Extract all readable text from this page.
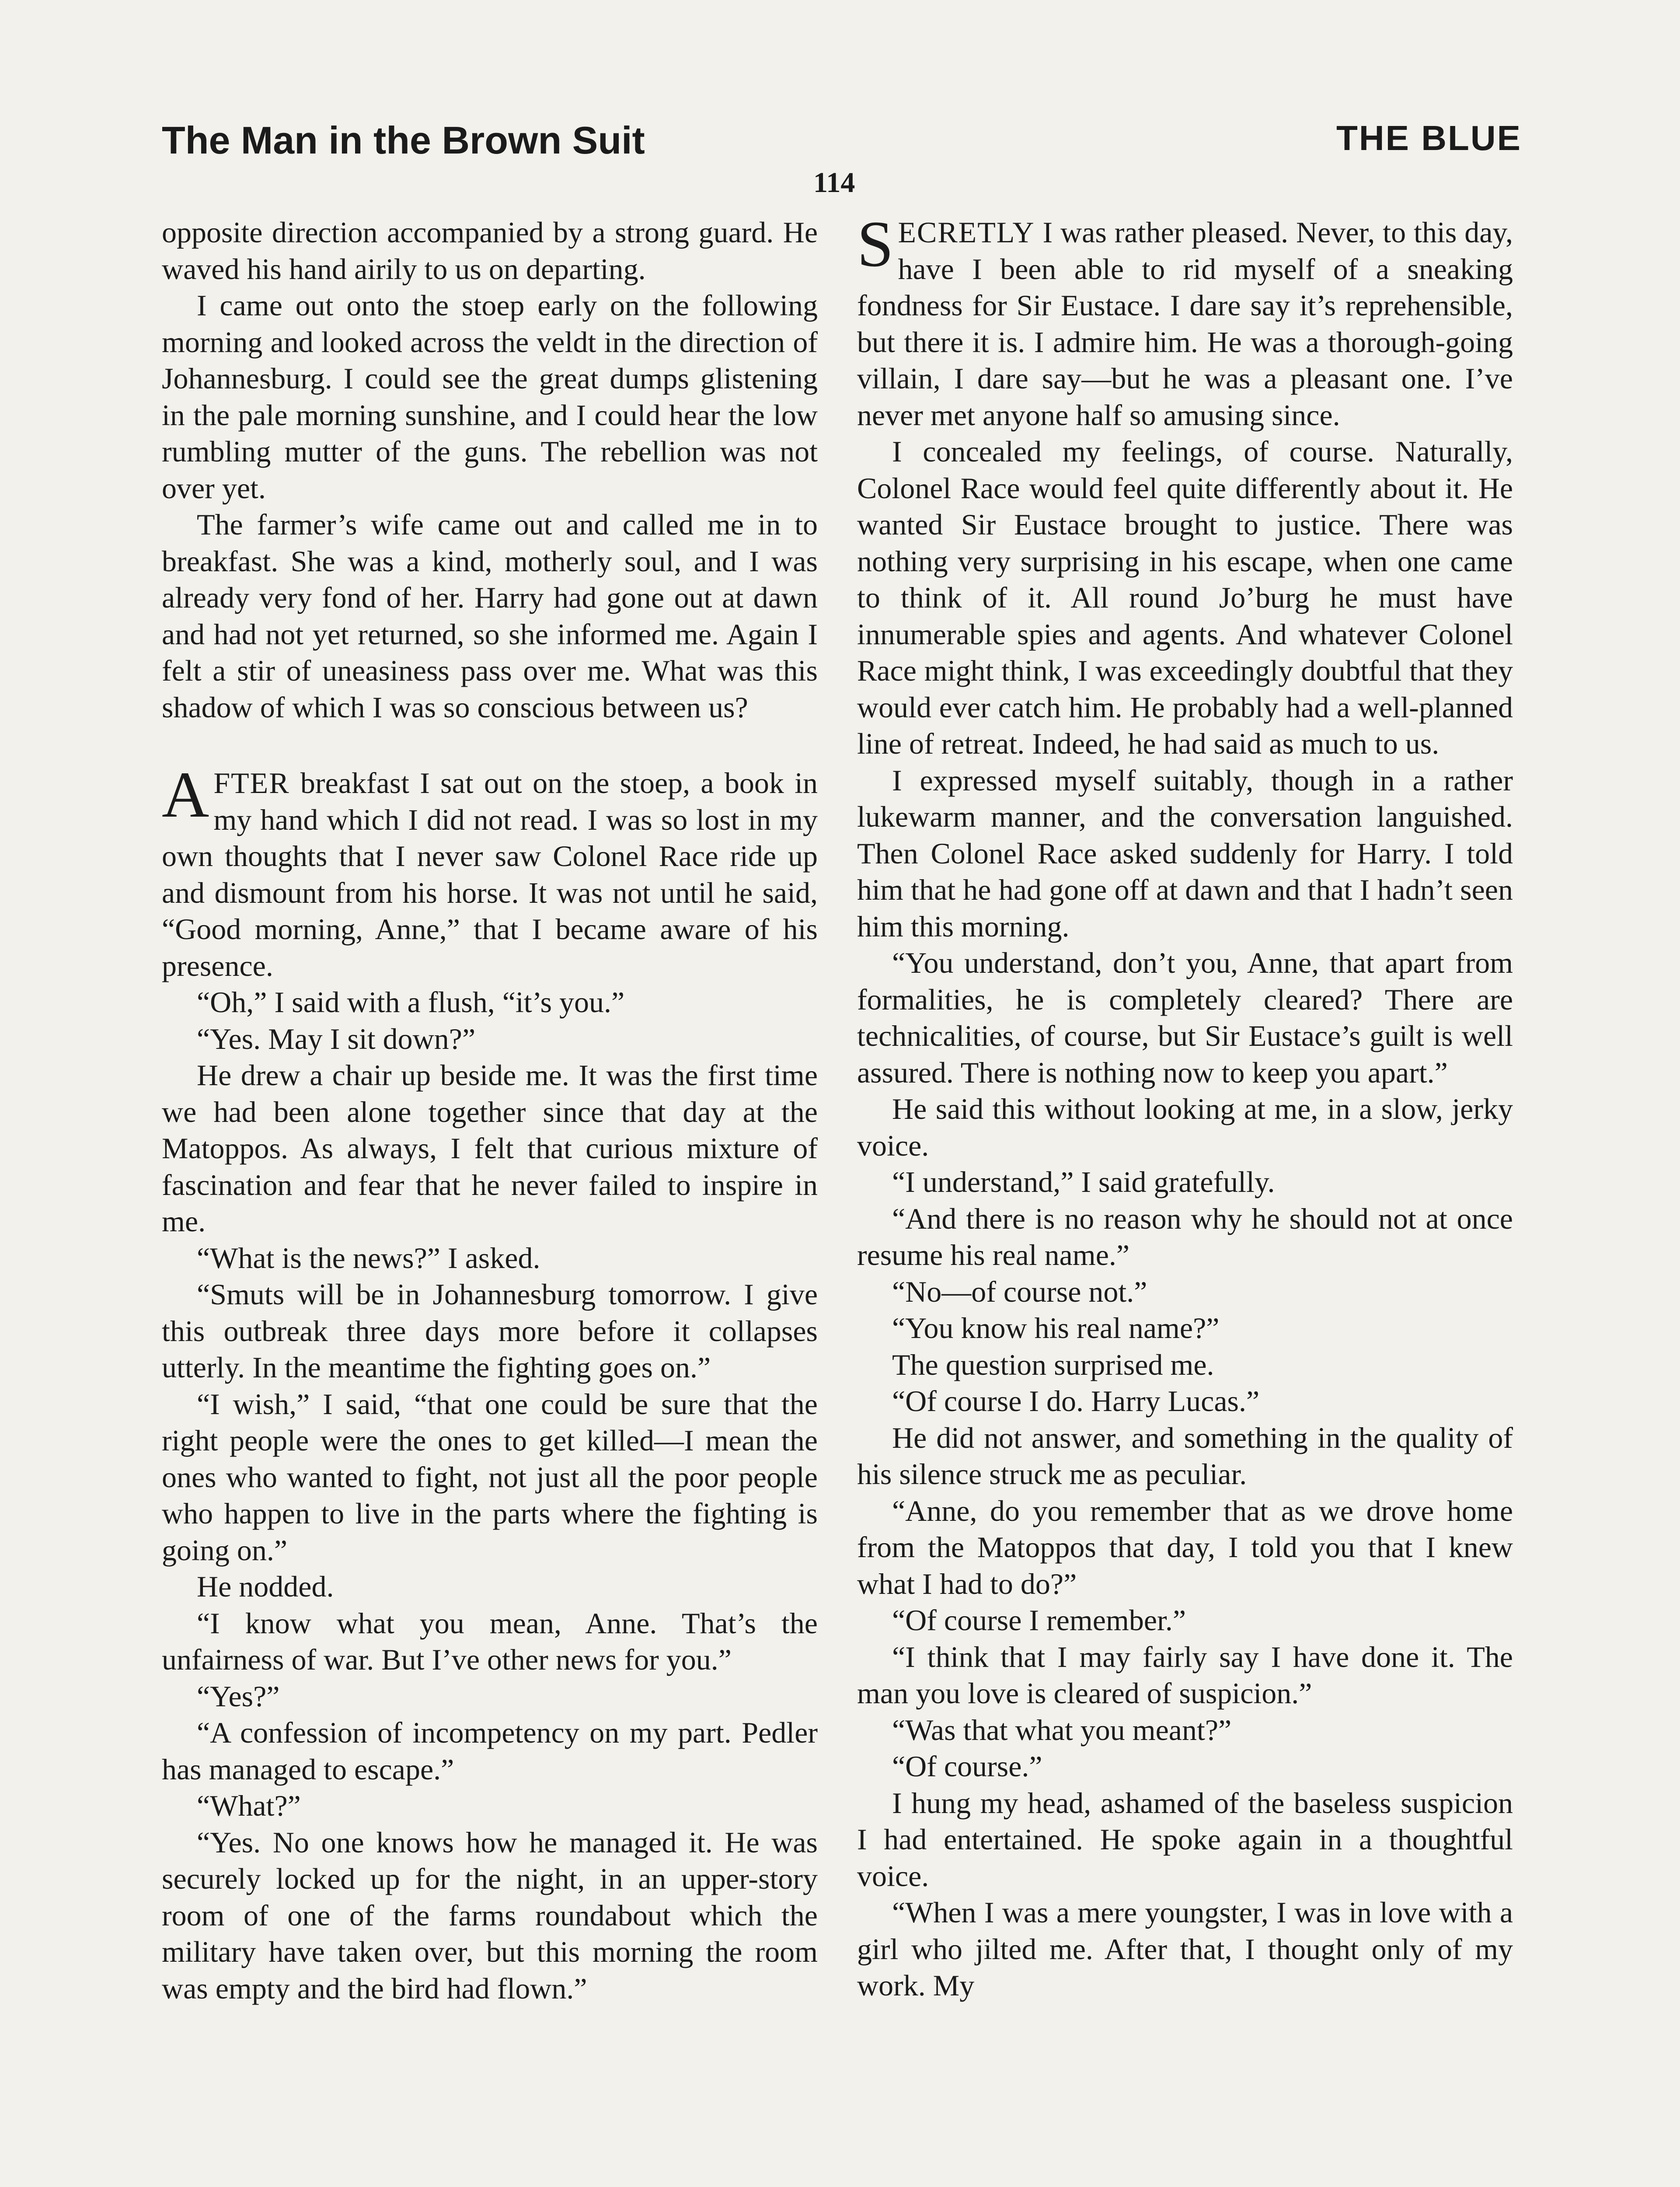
The Man in the Brown Suit	THE BLUE
114

opposite direction accompanied by a strong guard. He waved his hand airily to us on departing.

I came out onto the stoep early on the following morning and looked across the veldt in the direction of Johannesburg. I could see the great dumps glistening in the pale morning sunshine, and I could hear the low rumbling mutter of the guns. The rebellion was not over yet.

The farmer’s wife came out and called me in to breakfast. She was a kind, motherly soul, and I was already very fond of her. Harry had gone out at dawn and had not yet returned, so she informed me. Again I felt a stir of uneasiness pass over me. What was this shadow of which I was so conscious between us?

AFTER breakfast I sat out on the stoep, a book in my hand which I did not read. I was so lost in my own thoughts that I never saw Colonel Race ride up and dismount from his horse. It was not until he said, “Good morning, Anne,” that I became aware of his presence.

“Oh,” I said with a flush, “it’s you.”

“Yes. May I sit down?”

He drew a chair up beside me. It was the first time we had been alone together since that day at the Matoppos. As always, I felt that curious mixture of fascination and fear that he never failed to inspire in me.

“What is the news?” I asked.

“Smuts will be in Johannesburg tomorrow. I give this outbreak three days more before it collapses utterly. In the meantime the fighting goes on.”

“I wish,” I said, “that one could be sure that the right people were the ones to get killed—I mean the ones who wanted to fight, not just all the poor people who happen to live in the parts where the fighting is going on.”

He nodded.

“I know what you mean, Anne. That’s the unfairness of war. But I’ve other news for you.”

“Yes?”

“A confession of incompetency on my part. Pedler has managed to escape.”

“What?”

“Yes. No one knows how he managed it. He was securely locked up for the night, in an upper-story room of one of the farms roundabout which the military have taken over, but this morning the room was empty and the bird had flown.”

SECRETLY I was rather pleased. Never, to this day, have I been able to rid myself of a sneaking fondness for Sir Eustace. I dare say it’s reprehensible, but there it is. I admire him. He was a thorough-going villain, I dare say—but he was a pleasant one. I’ve never met anyone half so amusing since.

I concealed my feelings, of course. Naturally, Colonel Race would feel quite differently about it. He wanted Sir Eustace brought to justice. There was nothing very surprising in his escape, when one came to think of it. All round Jo’burg he must have innumerable spies and agents. And whatever Colonel Race might think, I was exceedingly doubtful that they would ever catch him. He probably had a well-planned line of retreat. Indeed, he had said as much to us.

I expressed myself suitably, though in a rather lukewarm manner, and the conversation languished. Then Colonel Race asked suddenly for Harry. I told him that he had gone off at dawn and that I hadn’t seen him this morning.

“You understand, don’t you, Anne, that apart from formalities, he is completely cleared? There are technicalities, of course, but Sir Eustace’s guilt is well assured. There is nothing now to keep you apart.”

He said this without looking at me, in a slow, jerky voice.

“I understand,” I said gratefully.

“And there is no reason why he should not at once resume his real name.”

“No—of course not.”

“You know his real name?”

The question surprised me.

“Of course I do. Harry Lucas.”

He did not answer, and something in the quality of his silence struck me as peculiar.

“Anne, do you remember that as we drove home from the Matoppos that day, I told you that I knew what I had to do?”

“Of course I remember.”

“I think that I may fairly say I have done it. The man you love is cleared of suspicion.”

“Was that what you meant?”

“Of course.”

I hung my head, ashamed of the baseless suspicion I had entertained. He spoke again in a thoughtful voice.

“When I was a mere youngster, I was in love with a girl who jilted me. After that, I thought only of my work. My
